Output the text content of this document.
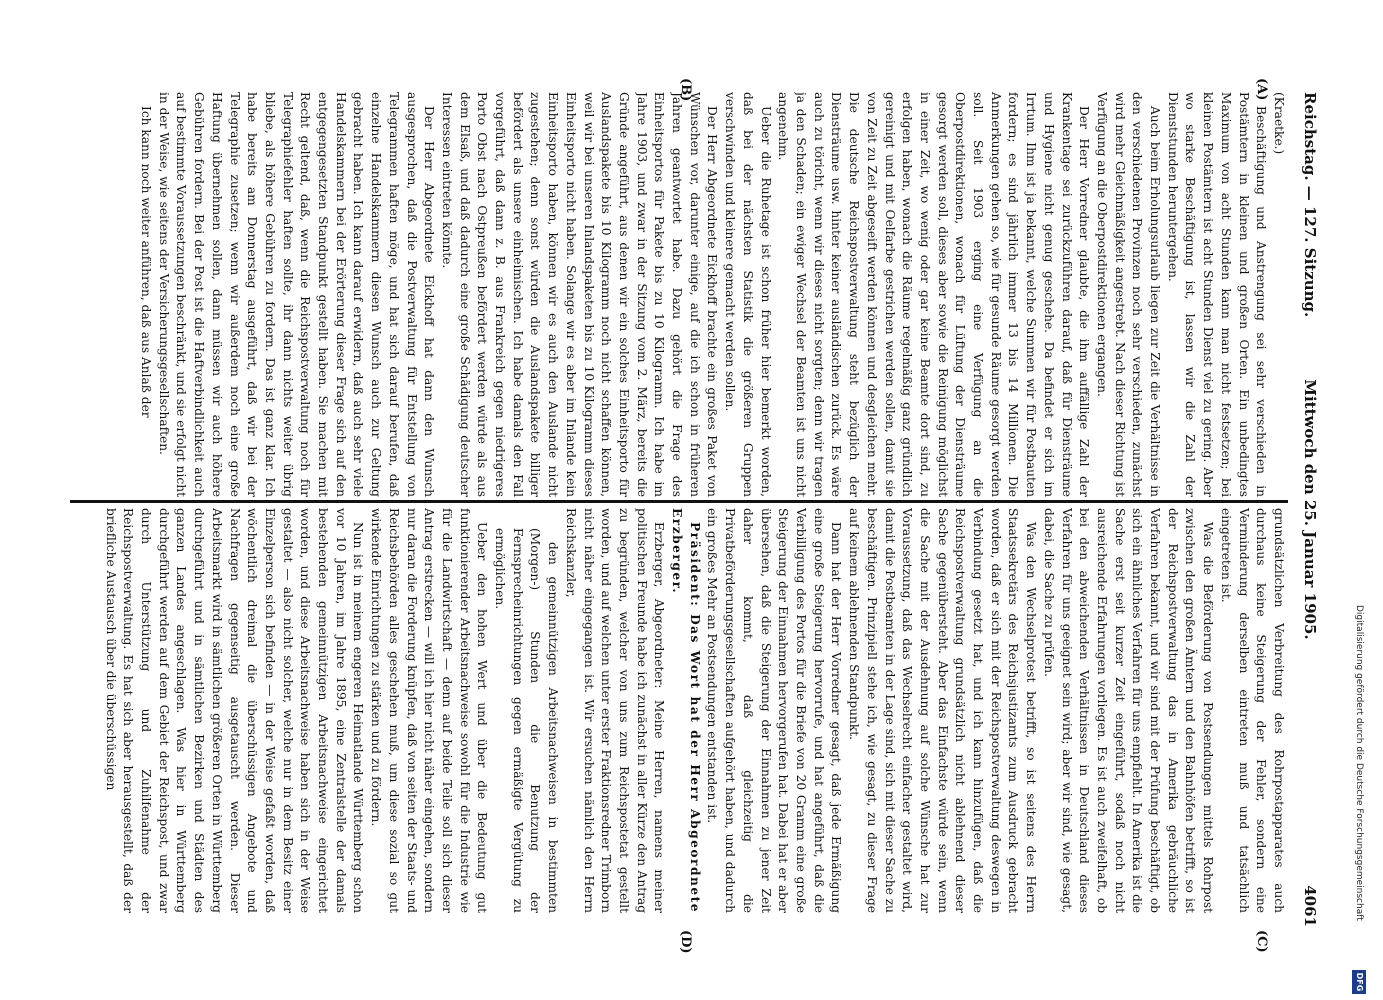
Reichstag. — 127. Sitzung.
Mittwoch den 25. Januar 1905.
4061
(A)
(B)
(C)
(D)

(Kraetke.)

Beschäftigung und Anstrengung sei sehr verschieden in Postämtern in kleinen und großen Orten. Ein unbedingtes Maximum von acht Stunden kann man nicht festsetzen; bei kleinen Postämtern ist acht Stunden Dienst viel zu gering. Aber wo starke Beschäftigung ist, lassen wir die Zahl der Dienststunden heruntergehen.

Auch beim Erholungsurlaub liegen zur Zeit die Verhältnisse in den verschiedenen Provinzen noch sehr verschieden, zunächst wird mehr Gleichmäßigkeit angestrebt. Nach dieser Richtung ist Verfügung an die Oberpostdirektionen ergangen.

Der Herr Vorredner glaubte, die ihm auffällige Zahl der Krankentage sei zurückzuführen darauf, daß für Diensträume und Hygiene nicht genug geschehe. Da befindet er sich im Irrtum. Ihm ist ja bekannt, welche Summen wir für Postbauten fordern; es sind jährlich immer 13 bis 14 Millionen. Die Anmerkungen gehen so, wie für gesunde Räume gesorgt werden soll. Seit 1903 erging eine Verfügung an die Oberpostdirektionen, wonach für Lüftung der Diensträume gesorgt werden soll, dieses aber sowie die Reinigung möglichst in einer Zeit, wo wenig oder gar keine Beamte dort sind, zu erfolgen haben, wonach die Räume regelmäßig ganz gründlich gereinigt und mit Oelfarbe gestrichen werden sollen, damit sie von Zeit zu Zeit abgeseift werden können und desgleichen mehr. Die deutsche Reichspostverwaltung steht bezüglich der Diensträume usw. hinter keiner ausländischen zurück. Es wäre auch zu töricht, wenn wir dieses nicht sorgten; denn wir tragen ja den Schaden; ein ewiger Wechsel der Beamten ist uns nicht angenehm.

Ueber die Ruhetage ist schon früher hier bemerkt worden, daß bei der nächsten Statistik die größeren Gruppen verschwinden und kleinere gemacht werden sollen.

Der Herr Abgeordnete Eickhoff brachte ein großes Paket von Wünschen vor, darunter einige, auf die ich schon in früheren Jahren geantwortet habe. Dazu gehört die Frage des Einheitsportos für Pakete bis zu 10 Kilogramm. Ich habe im Jahre 1903, und zwar in der Sitzung vom 2. März, bereits die Gründe angeführt, aus denen wir ein solches Einheitsporto für Auslandspakete bis 10 Kilogramm noch nicht schaffen können, weil wir bei unseren Inlandspaketen bis zu 10 Kilogramm dieses Einheitsporto nicht haben. Solange wir es aber im Inlande kein Einheitsporto haben, können wir es auch den Auslande nicht zugestehen; denn sonst würden die Auslandspakete billiger befördert als unsere einheimischen. Ich habe damals den Fall vorgeführt, daß dann z. B. aus Frankreich gegen niedrigeres Porto Obst nach Ostpreußen befördert werden würde als aus dem Elsaß, und daß dadurch eine große Schädigung deutscher Interessen eintreten könnte.

Der Herr Abgeordnete Eickhoff hat dann den Wunsch ausgesprochen, daß die Postverwaltung für Entstellung von Telegrammen haften möge, und hat sich darauf berufen, daß einzelne Handelskammern diesen Wunsch auch zur Geltung gebracht haben. Ich kann darauf erwidern, daß auch sehr viele Handelskammern bei der Erörterung dieser Frage sich auf den entgegengesetzten Standpunkt gestellt haben. Sie machen mit Recht geltend, daß, wenn die Reichspostverwaltung noch für Telegraphiefehler haften sollte, ihr dann nichts weiter übrig bliebe, als höhere Gebühren zu fordern. Das ist ganz klar. Ich habe bereits am Donnerstag ausgeführt, daß wir bei der Telegraphie zusetzen; wenn wir außerdem noch eine große Haftung übernehmen sollen, dann müssen wir auch höhere Gebühren fordern. Bei der Post ist die Haftverbindlichkeit auch auf bestimmte Voraussetzungen beschränkt, und sie erfolgt nicht in der Weise, wie seitens der Versicherungsgesellschaften.

Ich kann noch weiter anführen, daß aus Anlaß der

grundsätzlichen Verbreitung des Rohrpostapparates auch durchaus keine Steigerung der Fehler, sondern eine Verminderung derselben eintreten muß und tatsächlich eingetreten ist.

Was die Beförderung von Postsendungen mittels Rohrpost zwischen den großen Ämtern und den Bahnhöfen betrifft, so ist der Reichspostverwaltung das in Amerika gebräuchliche Verfahren bekannt, und wir sind mit der Prüfung beschäftigt, ob sich ein ähnliches Verfahren für uns empfiehlt. In Amerika ist die Sache erst seit kurzer Zeit eingeführt, sodaß noch nicht ausreichende Erfahrungen vorliegen. Es ist auch zweifelhaft, ob bei den abweichenden Verhältnissen in Deutschland dieses Verfahren für uns geeignet sein wird; aber wir sind, wie gesagt, dabei, die Sache zu prüfen.

Was den Wechselprotest betrifft, so ist seitens des Herrn Staatssekretärs des Reichsjustizamts zum Ausdruck gebracht worden, daß er sich mit der Reichspostverwaltung deswegen in Verbindung gesetzt hat, und ich kann hinzufügen, daß die Reichspostverwaltung grundsätzlich nicht ablehnend dieser Sache gegenübersteht. Aber das Einfachste würde sein, wenn die Sache mit der Ausdehnung auf solche Wünsche hat zur Voraussetzung, daß das Wechselrecht einfacher gestaltet wird, damit die Postbeamten in der Lage sind, sich mit dieser Sache zu beschäftigen. Prinzipiell stehe ich, wie gesagt, zu dieser Frage auf keinem ablehnenden Standpunkt.

Dann hat der Herr Vorredner gesagt, daß jede Ermäßigung eine große Steigerung hervorrufe, und hat angeführt, daß die Verbilligung des Portos für die Briefe von 20 Gramm eine große Steigerung der Einnahmen hervorgerufen hat. Dabei hat er aber übersehen, daß die Steigerung der Einnahmen zu jener Zeit daher kommt, daß gleichzeitig die Privatbeförderungsgesellschaften aufgehört haben, und dadurch ein großes Mehr an Postsendungen entstanden ist.

Präsident: Das Wort hat der Herr Abgeordnete Erzberger.

Erzberger, Abgeordneter: Meine Herren, namens meiner politischen Freunde habe ich zunächst in aller Kürze den Antrag zu begründen, welcher von uns zum Reichspostetat gestellt worden, und auf welchen unter erster Fraktionsredner Trimborn nicht näher eingegangen ist. Wir ersuchen nämlich den Herrn Reichskanzler,

den gemeinnützigen Arbeitsnachweisen in bestimmten (Morgen-) Stunden die Benutzung der Fernsprecheinrichtungen gegen ermäßigte Vergütung zu ermöglichen.

Ueber den hohen Wert und über die Bedeutung gut funktionierender Arbeitsnachweise sowohl für die Industrie wie für die Landwirtschaft — denn auf beide Teile soll sich dieser Antrag erstrecken — will ich hier nicht näher eingehen, sondern nur daran die Forderung knüpfen, daß von seiten der Staats- und Reichsbehörden alles geschehen muß, um diese sozial so gut wirkende Einrichtungen zu stärken und zu fördern.

Nun ist in meinem engeren Heimatlande Württemberg schon vor 10 Jahren, im Jahre 1895, eine Zentralstelle der damals bestehenden gemeinnützigen Arbeitsnachweise eingerichtet worden, und diese Arbeitsnachweise haben sich in der Weise gestaltet — also nicht solcher, welche nur in dem Besitz einer Einzelperson sich befinden — in der Weise gefaßt worden, daß wöchentlich dreimal die überschüssigen Angebote und Nachfragen gegenseitig ausgetauscht werden. Dieser Arbeitsmarkt wird in sämtlichen größeren Orten in Württemberg durchgeführt und in sämtlichen Bezirken und Städten des ganzen Landes angeschlagen. Was hier in Württemberg durchgeführt werden auf dem Gebiet der Reichspost, und zwar durch Unterstützung und Zuhilfenahme der Reichspostverwaltung. Es hat sich aber herausgestellt, daß der briefliche Austausch über die überschüssigen	Digitalisierung gefördert durch die Deutsche Forschungsgemeinschaft
DFG
